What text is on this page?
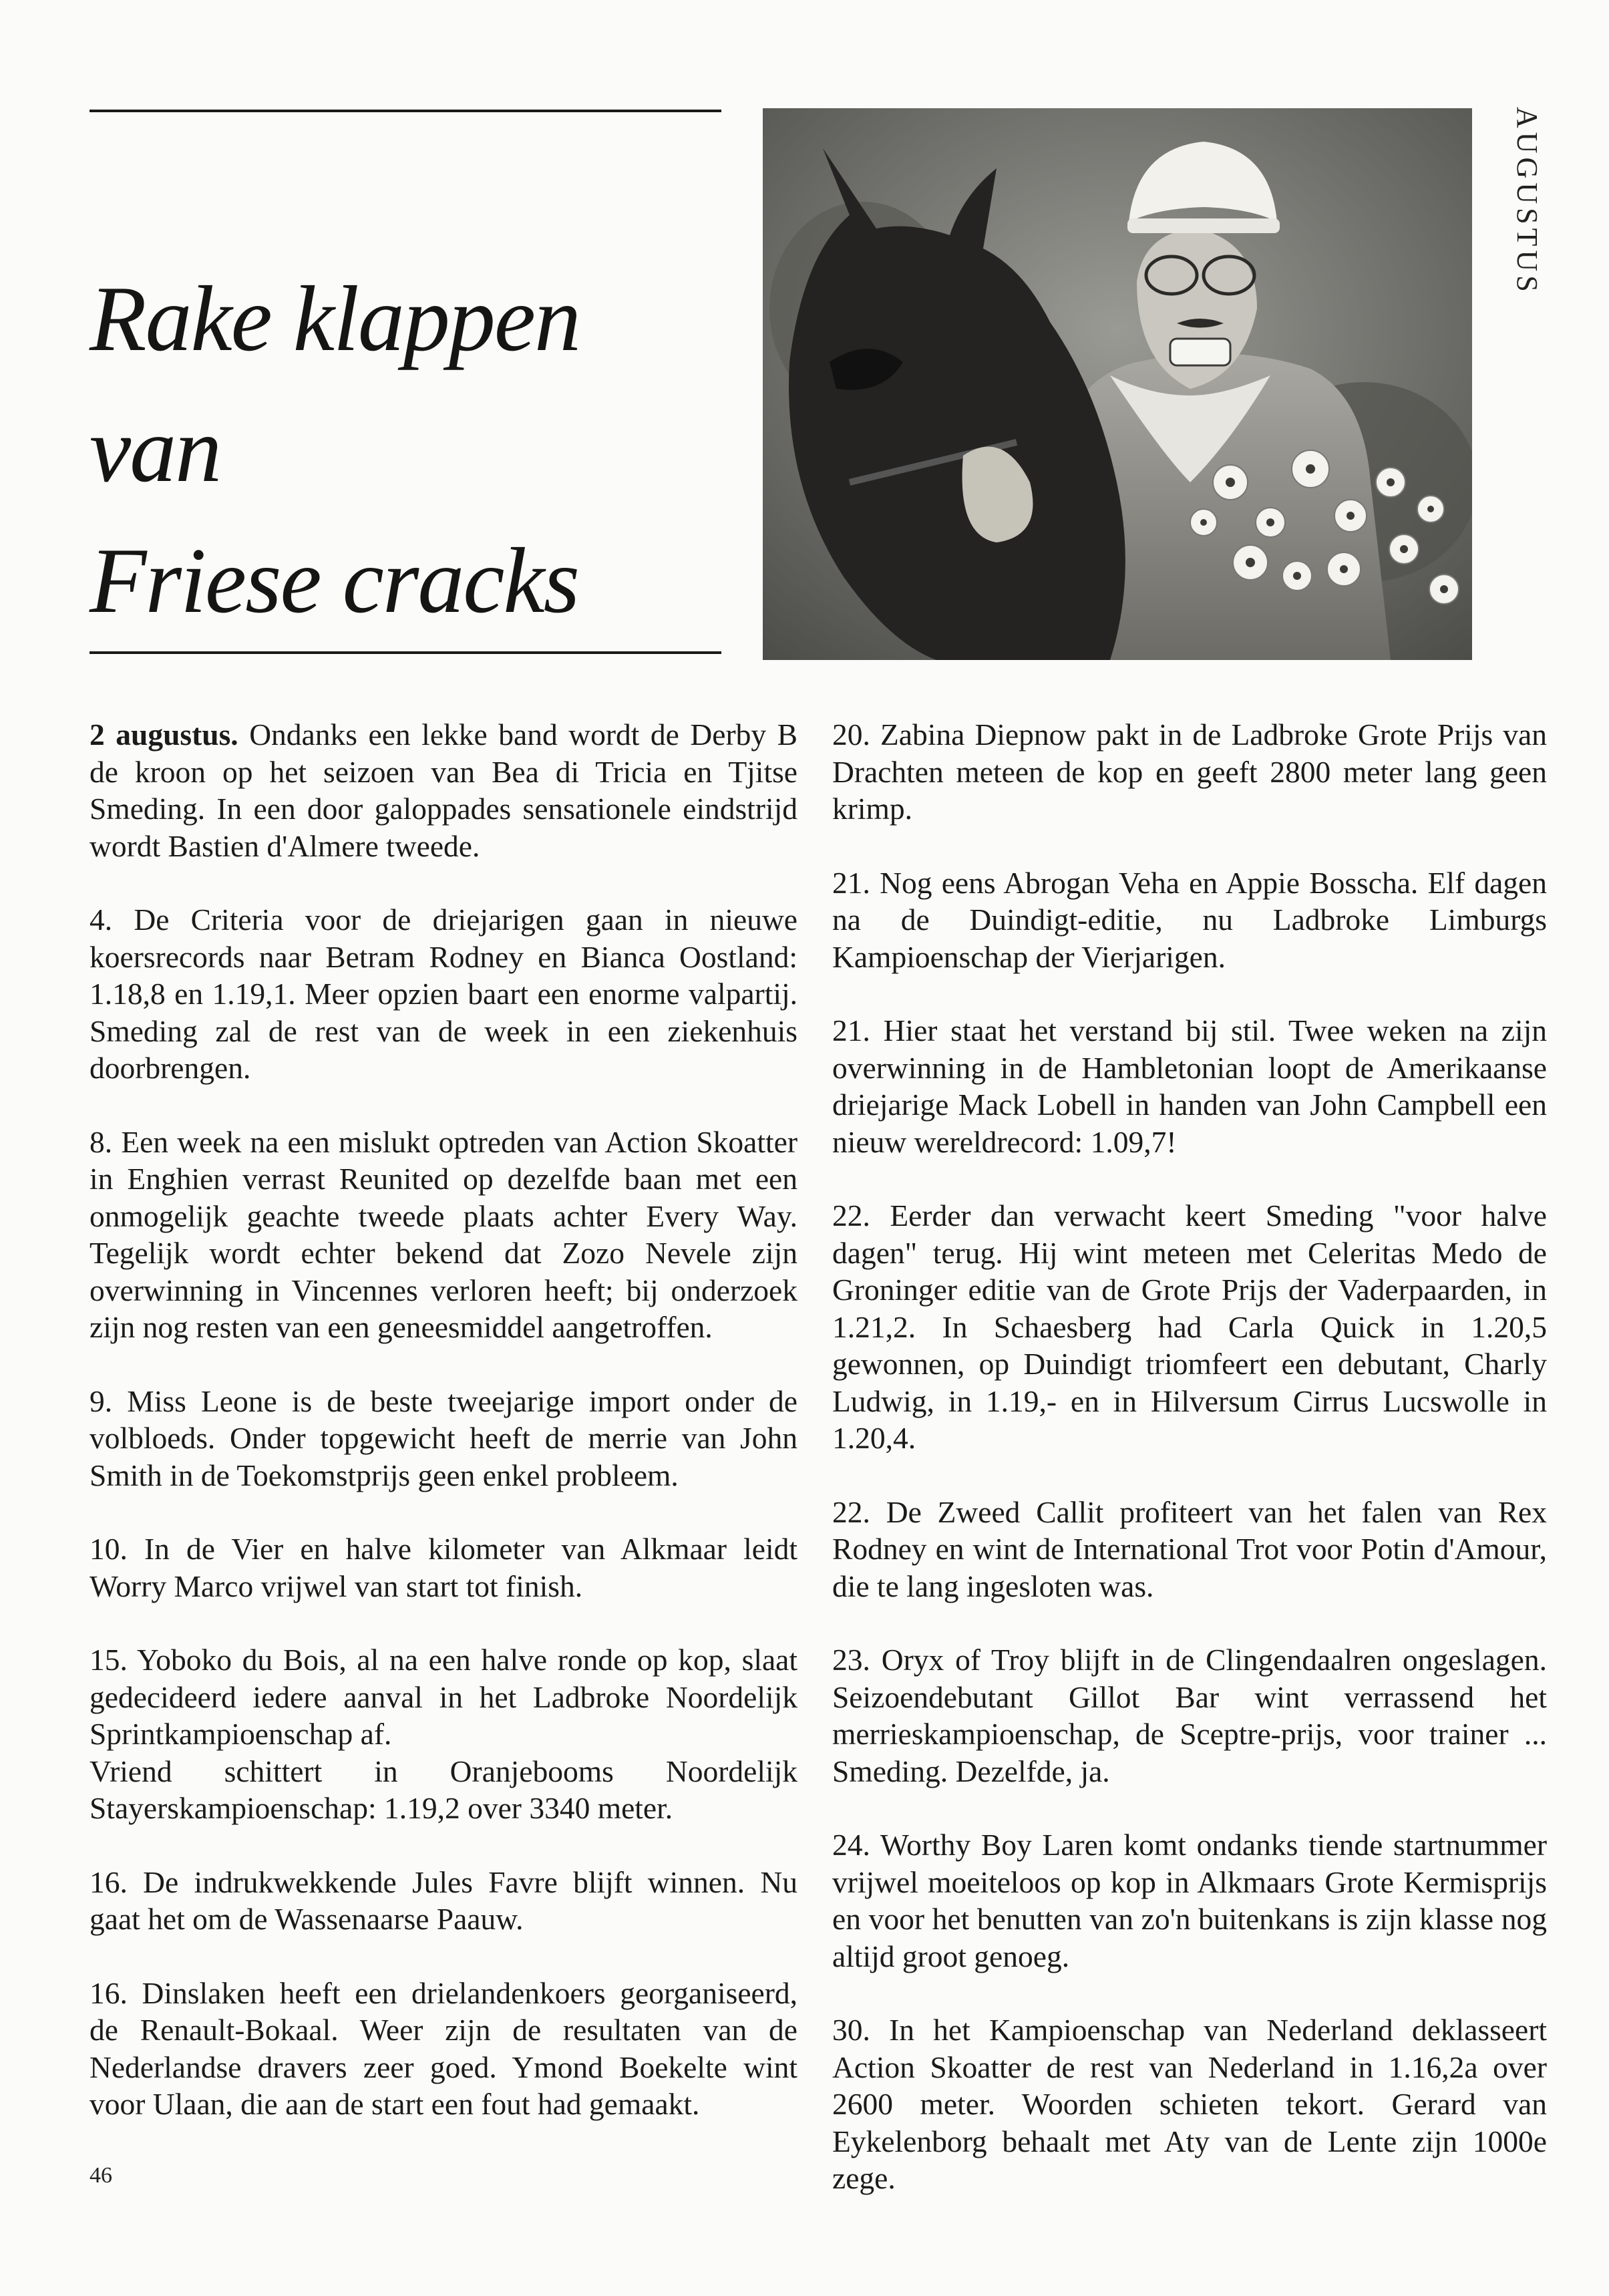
Rake klappen
van
Friese cracks
AUGUSTUS

2 augustus. Ondanks een lekke band wordt de Derby B de kroon op het seizoen van Bea di Tricia en Tjitse Smeding. In een door galoppades sensationele eindstrijd wordt Bastien d'Almere tweede.

4. De Criteria voor de driejarigen gaan in nieuwe koersrecords naar Betram Rodney en Bianca Oostland: 1.18,8 en 1.19,1. Meer opzien baart een enorme valpartij. Smeding zal de rest van de week in een ziekenhuis doorbrengen.

8. Een week na een mislukt optreden van Action Skoatter in Enghien verrast Reunited op dezelfde baan met een onmogelijk geachte tweede plaats achter Every Way. Tegelijk wordt echter bekend dat Zozo Nevele zijn overwinning in Vincennes verloren heeft; bij onderzoek zijn nog resten van een geneesmiddel aangetroffen.

9. Miss Leone is de beste tweejarige import onder de volbloeds. Onder topgewicht heeft de merrie van John Smith in de Toekomstprijs geen enkel probleem.

10. In de Vier en halve kilometer van Alkmaar leidt Worry Marco vrijwel van start tot finish.

15. Yoboko du Bois, al na een halve ronde op kop, slaat gedecideerd iedere aanval in het Ladbroke Noordelijk Sprintkampioenschap af.
Vriend schittert in Oranjebooms Noordelijk Stayerskampioenschap: 1.19,2 over 3340 meter.

16. De indrukwekkende Jules Favre blijft winnen. Nu gaat het om de Wassenaarse Paauw.

16. Dinslaken heeft een drielandenkoers georganiseerd, de Renault-Bokaal. Weer zijn de resultaten van de Nederlandse dravers zeer goed. Ymond Boekelte wint voor Ulaan, die aan de start een fout had gemaakt.

20. Zabina Diepnow pakt in de Ladbroke Grote Prijs van Drachten meteen de kop en geeft 2800 meter lang geen krimp.

21. Nog eens Abrogan Veha en Appie Bosscha. Elf dagen na de Duindigt-editie, nu Ladbroke Limburgs Kampioenschap der Vierjarigen.

21. Hier staat het verstand bij stil. Twee weken na zijn overwinning in de Hambletonian loopt de Amerikaanse driejarige Mack Lobell in handen van John Campbell een nieuw wereldrecord: 1.09,7!

22. Eerder dan verwacht keert Smeding "voor halve dagen" terug. Hij wint meteen met Celeritas Medo de Groninger editie van de Grote Prijs der Vaderpaarden, in 1.21,2. In Schaesberg had Carla Quick in 1.20,5 gewonnen, op Duindigt triomfeert een debutant, Charly Ludwig, in 1.19,- en in Hilversum Cirrus Lucswolle in 1.20,4.

22. De Zweed Callit profiteert van het falen van Rex Rodney en wint de International Trot voor Potin d'Amour, die te lang ingesloten was.

23. Oryx of Troy blijft in de Clingendaalren ongeslagen. Seizoendebutant Gillot Bar wint verrassend het merrieskampioenschap, de Sceptre-prijs, voor trainer ... Smeding. Dezelfde, ja.

24. Worthy Boy Laren komt ondanks tiende startnummer vrijwel moeiteloos op kop in Alkmaars Grote Kermisprijs en voor het benutten van zo'n buitenkans is zijn klasse nog altijd groot genoeg.

30. In het Kampioenschap van Nederland deklasseert Action Skoatter de rest van Nederland in 1.16,2a over 2600 meter. Woorden schieten tekort. Gerard van Eykelenborg behaalt met Aty van de Lente zijn 1000e zege.

46
